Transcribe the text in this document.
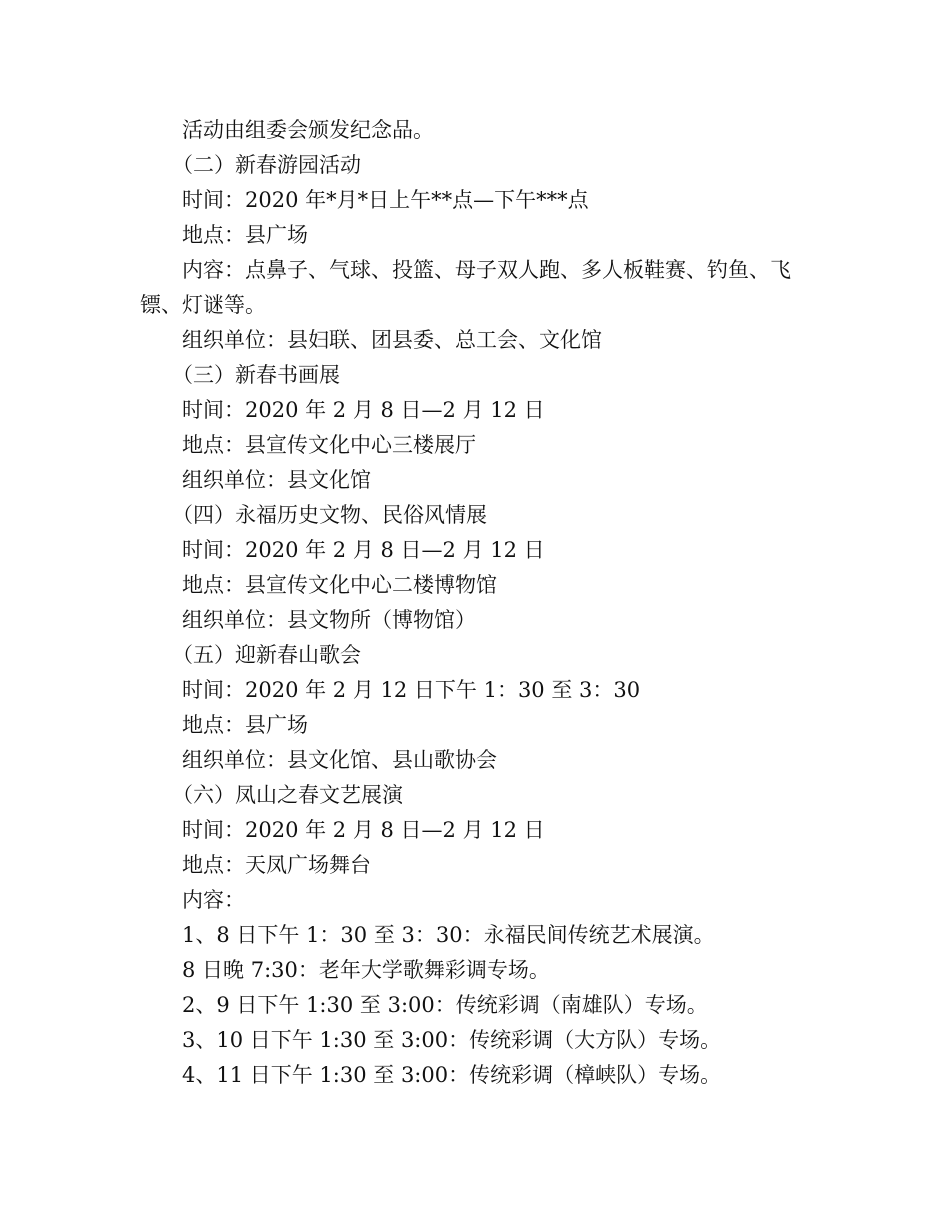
活动由组委会颁发纪念品。
（二）新春游园活动
时间：2020 年*月*日上午**点—下午***点
地点：县广场
内容：点鼻子、气球、投篮、母子双人跑、多人板鞋赛、钓鱼、飞
镖、灯谜等。
组织单位：县妇联、团县委、总工会、文化馆
（三）新春书画展
时间：2020 年 2 月 8 日—2 月 12 日
地点：县宣传文化中心三楼展厅
组织单位：县文化馆
（四）永福历史文物、民俗风情展
时间：2020 年 2 月 8 日—2 月 12 日
地点：县宣传文化中心二楼博物馆
组织单位：县文物所（博物馆）
（五）迎新春山歌会
时间：2020 年 2 月 12 日下午 1：30 至 3：30
地点：县广场
组织单位：县文化馆、县山歌协会
（六）凤山之春文艺展演
时间：2020 年 2 月 8 日—2 月 12 日
地点：天凤广场舞台
内容：
1、8 日下午 1：30 至 3：30：永福民间传统艺术展演。
8 日晚 7:30：老年大学歌舞彩调专场。
2、9 日下午 1:30 至 3:00：传统彩调（南雄队）专场。
3、10 日下午 1:30 至 3:00：传统彩调（大方队）专场。
4、11 日下午 1:30 至 3:00：传统彩调（樟峡队）专场。
